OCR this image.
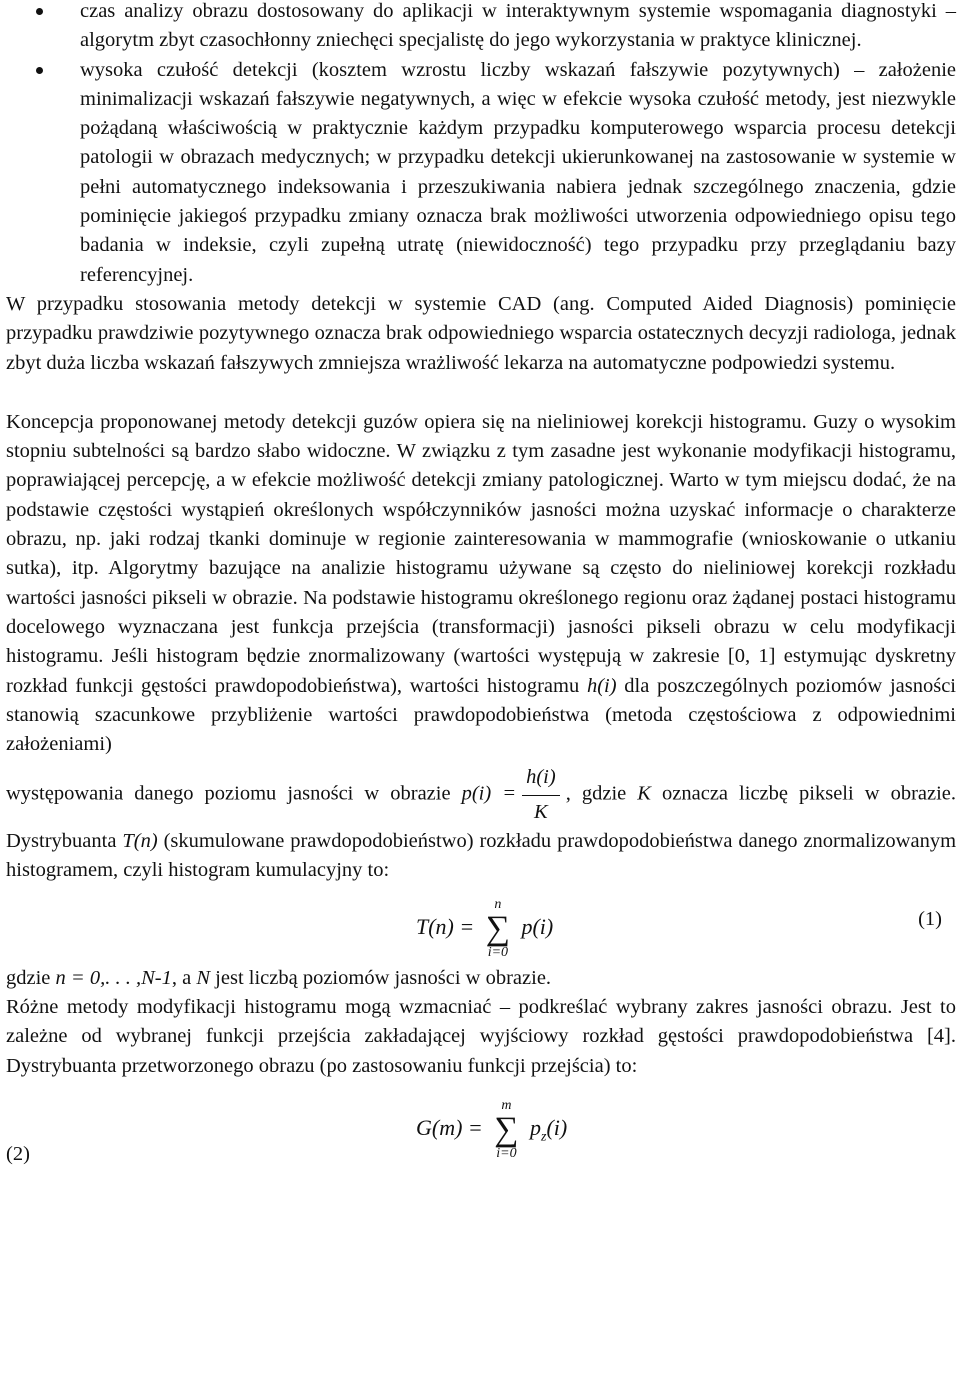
czas analizy obrazu dostosowany do aplikacji w interaktywnym systemie wspomagania diagnostyki – algorytm zbyt czasochłonny zniechęci specjalistę do jego wykorzystania w praktyce klinicznej.

wysoka czułość detekcji (kosztem wzrostu liczby wskazań fałszywie pozytywnych) – założenie minimalizacji wskazań fałszywie negatywnych, a więc w efekcie wysoka czułość metody, jest niezwykle pożądaną właściwością w praktycznie każdym przypadku komputerowego wsparcia procesu detekcji patologii w obrazach medycznych; w przypadku detekcji ukierunkowanej na zastosowanie w systemie w pełni automatycznego indeksowania i przeszukiwania nabiera jednak szczególnego znaczenia, gdzie pominięcie jakiegoś przypadku zmiany oznacza brak możliwości utworzenia odpowiedniego opisu tego badania w indeksie, czyli zupełną utratę (niewidoczność) tego przypadku przy przeglądaniu bazy referencyjnej.

W przypadku stosowania metody detekcji w systemie CAD (ang. Computed Aided Diagnosis) pominięcie przypadku prawdziwie pozytywnego oznacza brak odpowiedniego wsparcia ostatecznych decyzji radiologa, jednak zbyt duża liczba wskazań fałszywych zmniejsza wrażliwość lekarza na automatyczne podpowiedzi systemu.

Koncepcja proponowanej metody detekcji guzów opiera się na nieliniowej korekcji histogramu. Guzy o wysokim stopniu subtelności są bardzo słabo widoczne. W związku z tym zasadne jest wykonanie modyfikacji histogramu, poprawiającej percepcję, a w efekcie możliwość detekcji zmiany patologicznej. Warto w tym miejscu dodać, że na podstawie częstości wystąpień określonych współczynników jasności można uzyskać informacje o charakterze obrazu, np. jaki rodzaj tkanki dominuje w regionie zainteresowania w mammografie (wnioskowanie o utkaniu sutka), itp. Algorytmy bazujące na analizie histogramu używane są często do nieliniowej korekcji rozkładu wartości jasności pikseli w obrazie. Na podstawie histogramu określonego regionu oraz żądanej postaci histogramu docelowego wyznaczana jest funkcja przejścia (transformacji) jasności pikseli obrazu w celu modyfikacji histogramu. Jeśli histogram będzie znormalizowany (wartości występują w zakresie [0, 1] estymując dyskretny rozkład funkcji gęstości prawdopodobieństwa), wartości histogramu h(i) dla poszczególnych poziomów jasności stanowią szacunkowe przybliżenie wartości prawdopodobieństwa (metoda częstościowa z odpowiednimi założeniami)

występowania danego poziomu jasności w obrazie $p(i) = \frac{h(i)}{K}$ , gdzie K oznacza liczbę pikseli w obrazie. Dystrybuanta T(n) (skumulowane prawdopodobieństwo) rozkładu prawdopodobieństwa danego znormalizowanym histogramem, czyli histogram kumulacyjny to:

T(n) =
n
∑
i=0
p(i)	(1)

gdzie n = 0,. . . ,N-1, a N jest liczbą poziomów jasności w obrazie.

Różne metody modyfikacji histogramu mogą wzmacniać – podkreślać wybrany zakres jasności obrazu. Jest to zależne od wybranej funkcji przejścia zakładającej wyjściowy rozkład gęstości prawdopodobieństwa [4]. Dystrybuanta przetworzonego obrazu (po zastosowaniu funkcji przejścia) to:

G(m) =
m
∑
i=0
$p_z(i)$
(2)
